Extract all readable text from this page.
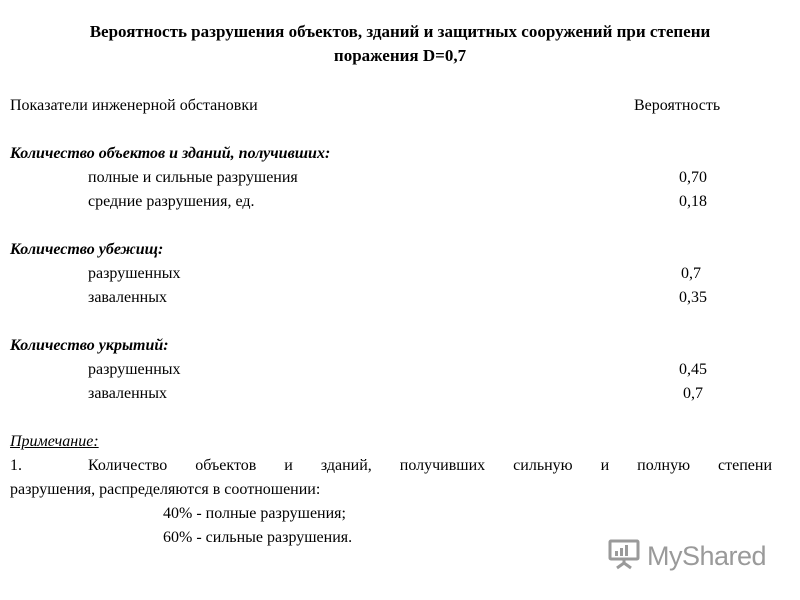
Вероятность разрушения объектов, зданий и защитных сооружений при степени
поражения D=0,7
Показатели инженерной обстановки	Вероятность
Количество объектов и зданий, получивших:
полные и сильные разрушения	0,70
средние разрушения, ед.	0,18
Количество убежищ:
разрушенных	0,7
заваленных	0,35
Количество укрытий:
разрушенных	0,45
заваленных	0,7
Примечание:
1.	Количество объектов и зданий, получивших сильную и полную степени
разрушения, распределяются в соотношении:
40% - полные разрушения;
60% - сильные разрушения.
MyShared
